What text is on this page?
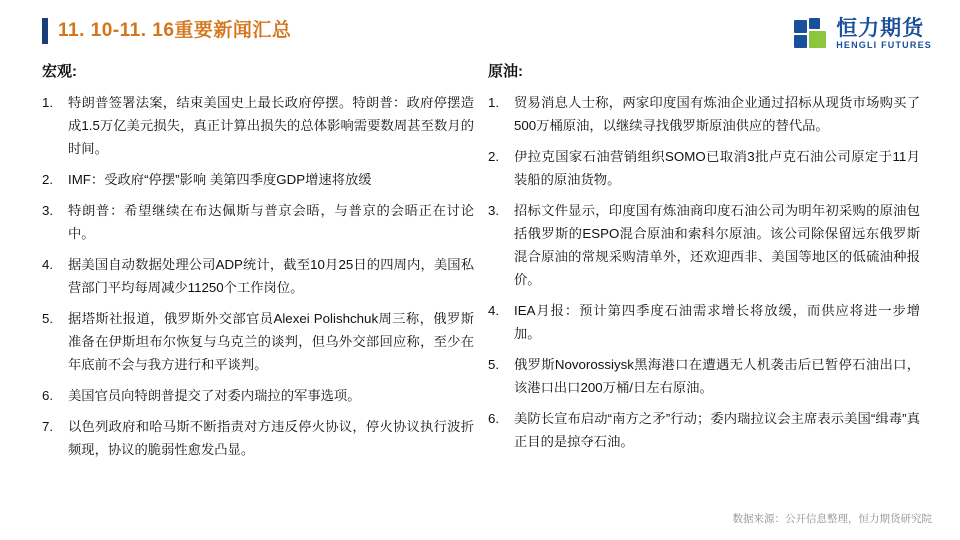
11. 10-11. 16重要新闻汇总	恒力期货
HENGLI FUTURES
宏观:
1.	特朗普签署法案，结束美国史上最长政府停摆。特朗普：政府停摆造成1.5万亿美元损失，真正计算出损失的总体影响需要数周甚至数月的时间。
2.	IMF：受政府“停摆”影响 美第四季度GDP增速将放缓
3.	特朗普：希望继续在布达佩斯与普京会晤，与普京的会晤正在讨论中。
4.	据美国自动数据处理公司ADP统计，截至10月25日的四周内，美国私营部门平均每周减少11250个工作岗位。
5.	据塔斯社报道，俄罗斯外交部官员Alexei Polishchuk周三称，俄罗斯准备在伊斯坦布尔恢复与乌克兰的谈判，但乌外交部回应称，至少在年底前不会与我方进行和平谈判。
6.	美国官员向特朗普提交了对委内瑞拉的军事选项。
7.	以色列政府和哈马斯不断指责对方违反停火协议，停火协议执行波折频现，协议的脆弱性愈发凸显。
原油:
1.	贸易消息人士称，两家印度国有炼油企业通过招标从现货市场购买了500万桶原油，以继续寻找俄罗斯原油供应的替代品。
2.	伊拉克国家石油营销组织SOMO已取消3批卢克石油公司原定于11月装船的原油货物。
3.	招标文件显示，印度国有炼油商印度石油公司为明年初采购的原油包括俄罗斯的ESPO混合原油和索科尔原油。该公司除保留远东俄罗斯混合原油的常规采购清单外，还欢迎西非、美国等地区的低硫油种报价。
4.	IEA月报：预计第四季度石油需求增长将放缓，而供应将进一步增加。
5.	俄罗斯Novorossiysk黑海港口在遭遇无人机袭击后已暂停石油出口，该港口出口200万桶/日左右原油。
6.	美防长宣布启动“南方之矛”行动；委内瑞拉议会主席表示美国“缉毒”真正目的是掠夺石油。
数据来源：公开信息整理，恒力期货研究院
